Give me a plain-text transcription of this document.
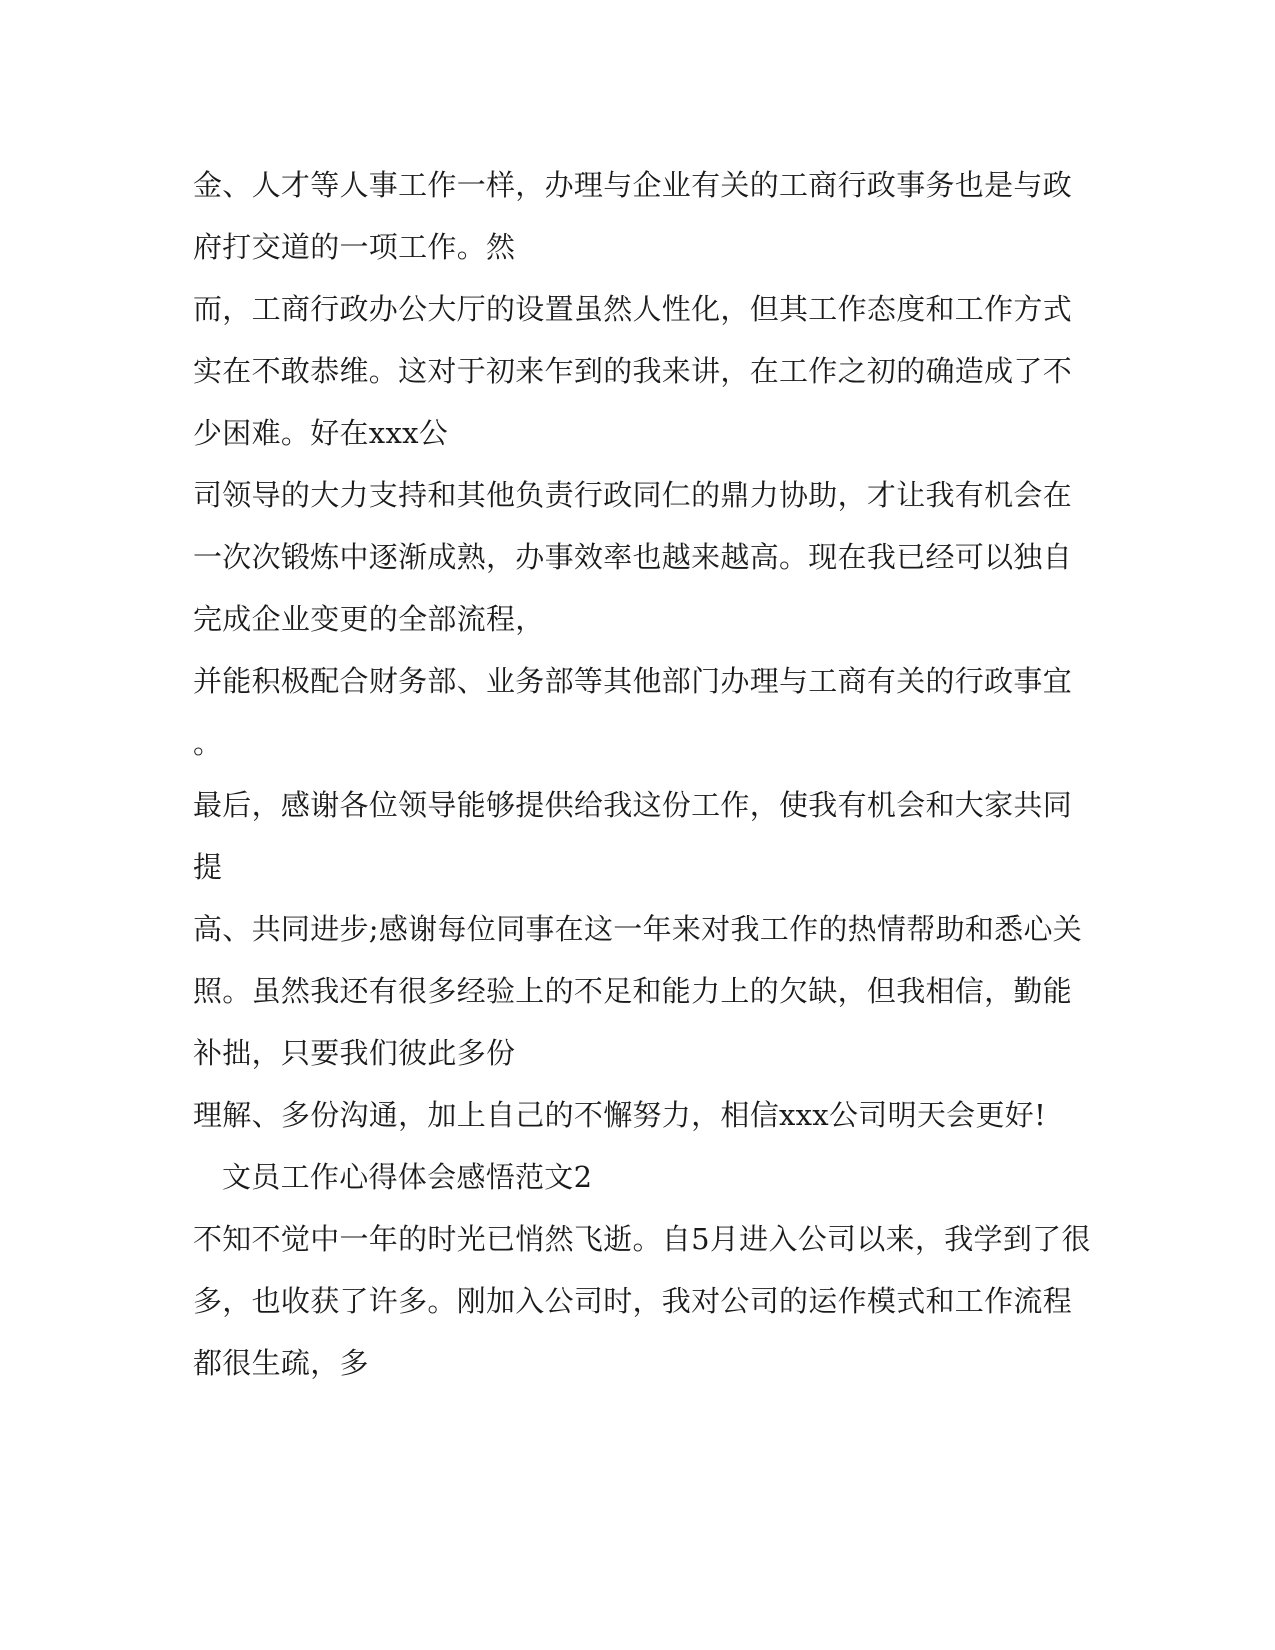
金、人才等人事工作一样，办理与企业有关的工商行政事务也是与政

府打交道的一项工作。然

而，工商行政办公大厅的设置虽然人性化，但其工作态度和工作方式

实在不敢恭维。这对于初来乍到的我来讲，在工作之初的确造成了不

少困难。好在xxx公

司领导的大力支持和其他负责行政同仁的鼎力协助，才让我有机会在

一次次锻炼中逐渐成熟，办事效率也越来越高。现在我已经可以独自

完成企业变更的全部流程，

并能积极配合财务部、业务部等其他部门办理与工商有关的行政事宜

。

最后，感谢各位领导能够提供给我这份工作，使我有机会和大家共同

提

高、共同进步;感谢每位同事在这一年来对我工作的热情帮助和悉心关

照。虽然我还有很多经验上的不足和能力上的欠缺，但我相信，勤能

补拙，只要我们彼此多份

理解、多份沟通，加上自己的不懈努力，相信xxx公司明天会更好!

文员工作心得体会感悟范文2

不知不觉中一年的时光已悄然飞逝。自5月进入公司以来，我学到了很

多，也收获了许多。刚加入公司时，我对公司的运作模式和工作流程

都很生疏，多
